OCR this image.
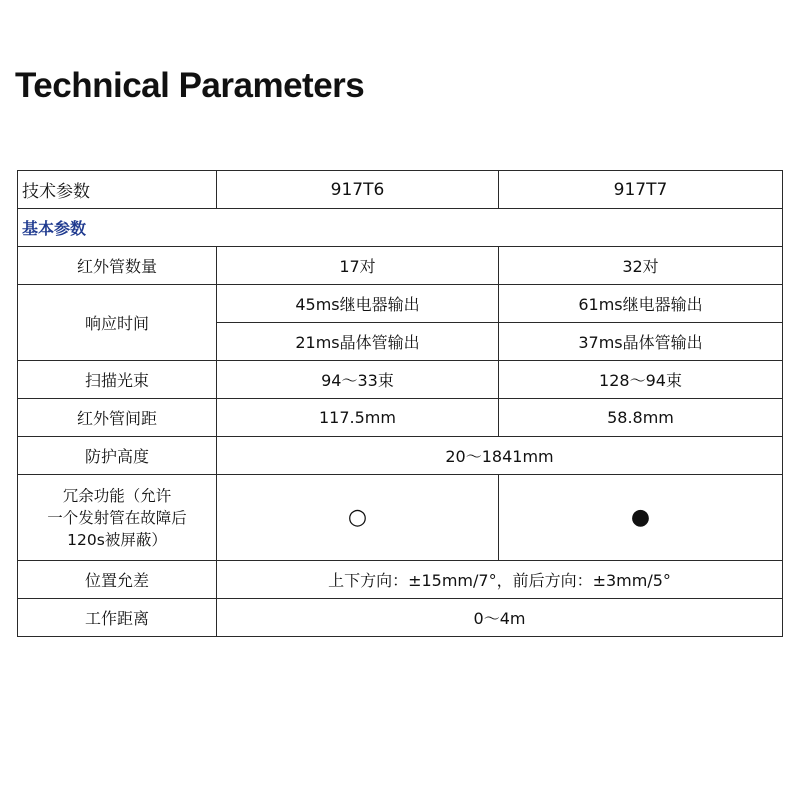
Technical Parameters
技术参数	917T6	917T7
基本参数		
红外管数量	17对	32对
响应时间	45ms继电器输出	61ms继电器输出
	21ms晶体管输出	37ms晶体管输出
扫描光束	94～33束	128～94束
红外管间距	117.5mm	58.8mm
防护高度	20～1841mm	

冗余功能（允许
一个发射管在故障后
120s被屏蔽）	○	●
位置允差	上下方向：±15mm/7°，前后方向：±3mm/5°	
工作距离	0～4m	
